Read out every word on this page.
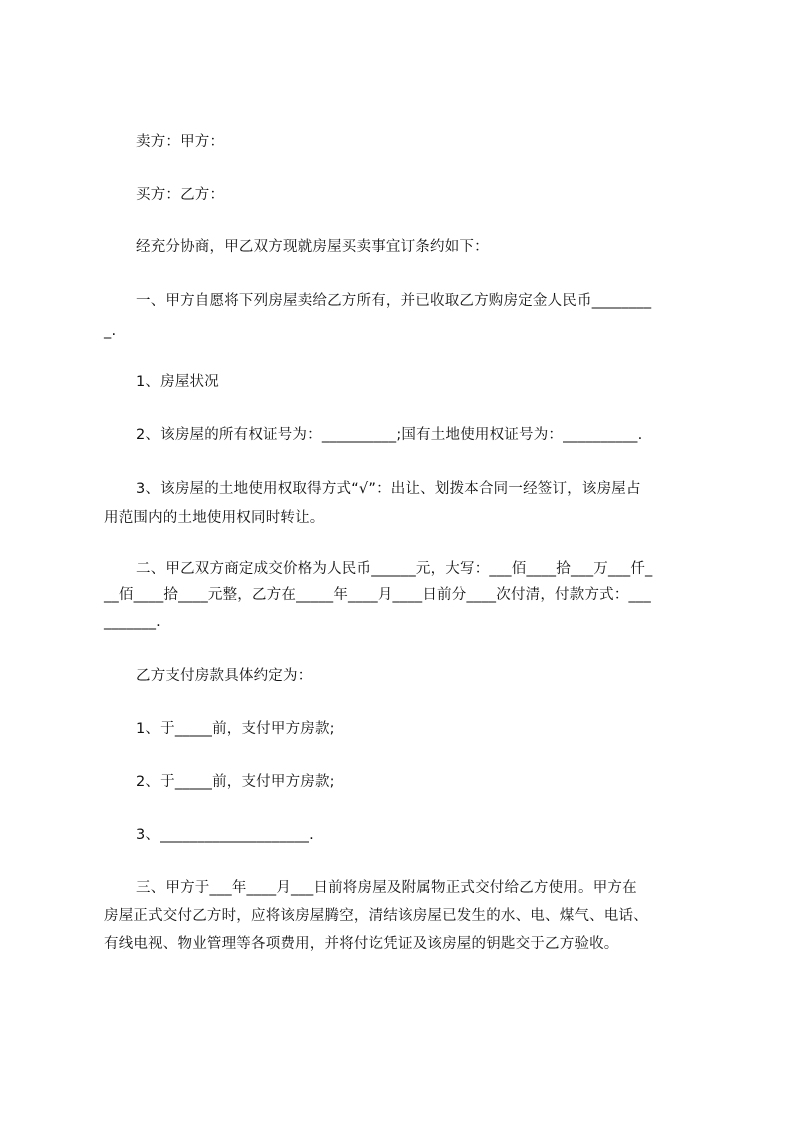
卖方：甲方：
买方：乙方：
经充分协商，甲乙双方现就房屋买卖事宜订条约如下：
一、甲方自愿将下列房屋卖给乙方所有，并已收取乙方购房定金人民币________
_.
1、房屋状况
2、该房屋的所有权证号为：__________;国有土地使用权证号为：__________.
3、该房屋的土地使用权取得方式“√”：出让、划拨本合同一经签订，该房屋占
用范围内的土地使用权同时转让。
二、甲乙双方商定成交价格为人民币______元，大写：___佰____拾___万___仟_
__佰____拾____元整，乙方在_____年____月____日前分____次付清，付款方式：___
_______.
乙方支付房款具体约定为：
1、于_____前，支付甲方房款;
2、于_____前，支付甲方房款;
3、____________________.
三、甲方于___年____月___日前将房屋及附属物正式交付给乙方使用。甲方在
房屋正式交付乙方时，应将该房屋腾空，清结该房屋已发生的水、电、煤气、电话、
有线电视、物业管理等各项费用，并将付讫凭证及该房屋的钥匙交于乙方验收。
